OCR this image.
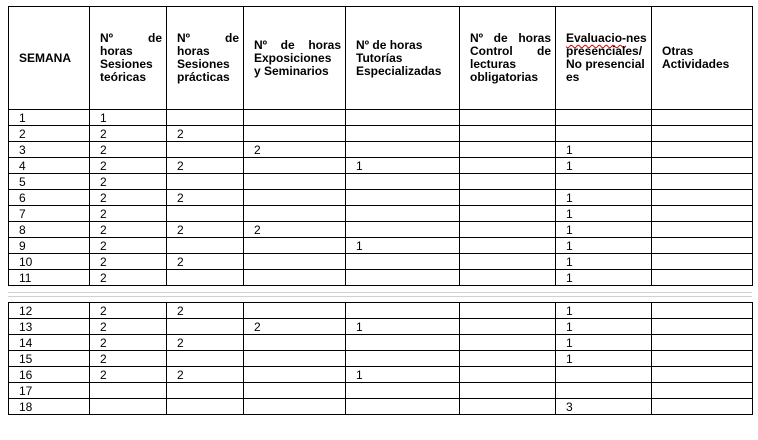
SEMANA	Nº de horas Sesiones teóricas	Nº de horas Sesiones prácticas	Nº de horas Exposiciones y Seminarios	Nº de horas Tutorías Especializadas	Nº de horas Control de lecturas obligatorias	Evaluacio-nes presenciales/No presenciales	Otras Actividades
1	1						
2	2	2					
3	2		2			1	
4	2	2		1		1	
5	2						
6	2	2				1	
7	2					1	
8	2	2	2			1	
9	2			1		1	
10	2	2				1	
11	2					1	
12	2	2				1	
13	2		2	1		1	
14	2	2				1	
15	2					1	
16	2	2		1			
17							
18						3	
